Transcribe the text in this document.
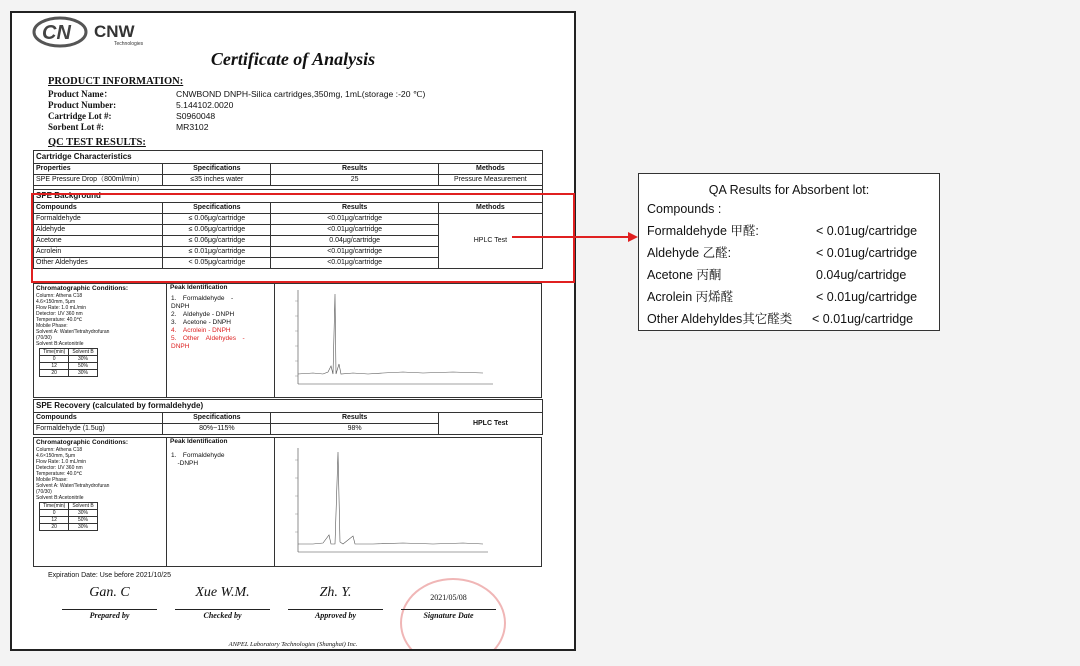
CN CNW
Technologies
Certificate of Analysis
PRODUCT INFORMATION:
Product Name：	CNWBOND DNPH-Silica cartridges,350mg, 1mL(storage :-20 ℃)
Product Number:	5.144102.0020
Cartridge Lot #:	S0960048
Sorbent Lot #:	MR3102
QC TEST RESULTS:
Cartridge Characteristics			
Properties	Specifications	Results	Methods
SPE Pressure Drop（800ml/min）	≤35 inches water	25	Pressure Measurement

SPE Background			
Compounds	Specifications	Results	Methods
Formaldehyde	≤ 0.06μg/cartridge	<0.01μg/cartridge	HPLC Test
Aldehyde	≤ 0.06μg/cartridge	<0.01μg/cartridge	
Acetone	≤ 0.06μg/cartridge	0.04μg/cartridge	
Acrolein	≤ 0.01μg/cartridge	<0.01μg/cartridge	
Other Aldehydes	< 0.05μg/cartridge	<0.01μg/cartridge	
Chromatographic Conditions:
Column: Athena C18
4.6×150mm, 5μm
Flow Rate: 1.0 mL/min
Detector: UV 360 nm
Temperature: 40.0℃
Mobile Phase:
Solvent A: Water/Tetrahydrofuran
(70/30)
Solvent B:Acetonitrile
Time(min)	Solvent B
0	30%
12	50%
20	30%
Peak Identification
1.　Formaldehyde　-
DNPH
2.　Aldehyde - DNPH
3.　Acetone - DNPH
4.　Acrolein - DNPH
5.　Other　Aldehydes　-
DNPH
SPE Recovery (calculated by formaldehyde)			
Compounds	Specifications	Results	HPLC Test
Formaldehyde (1.5ug)	80%~115%	98%	
Chromatographic Conditions:
Column: Athena C18
4.6×150mm, 5μm
Flow Rate: 1.0 mL/min
Detector: UV 360 nm
Temperature: 40.0℃
Mobile Phase:
Solvent A: Water/Tetrahydrofuran
(70/30)
Solvent B:Acetonitrile
Time(min)	Solvent B
0	30%
12	50%
20	30%
Peak Identification
1.　Formaldehyde
　-DNPH
Expiration Date: Use before 2021/10/25
Gan. C	Xue W.M.	Zh. Y.	2021/05/08
Prepared by	Checked by	Approved by	Signature Date
ANPEL Laboratory Technologies (Shanghai) Inc.
QA Results for Absorbent lot:
Compounds :
Formaldehyde 甲醛:	< 0.01ug/cartridge
Aldehyde 乙醛:	< 0.01ug/cartridge
Acetone 丙酮	0.04ug/cartridge
Acrolein 丙烯醛	< 0.01ug/cartridge
Other Aldehyldes其它醛类 < 0.01ug/cartridge
